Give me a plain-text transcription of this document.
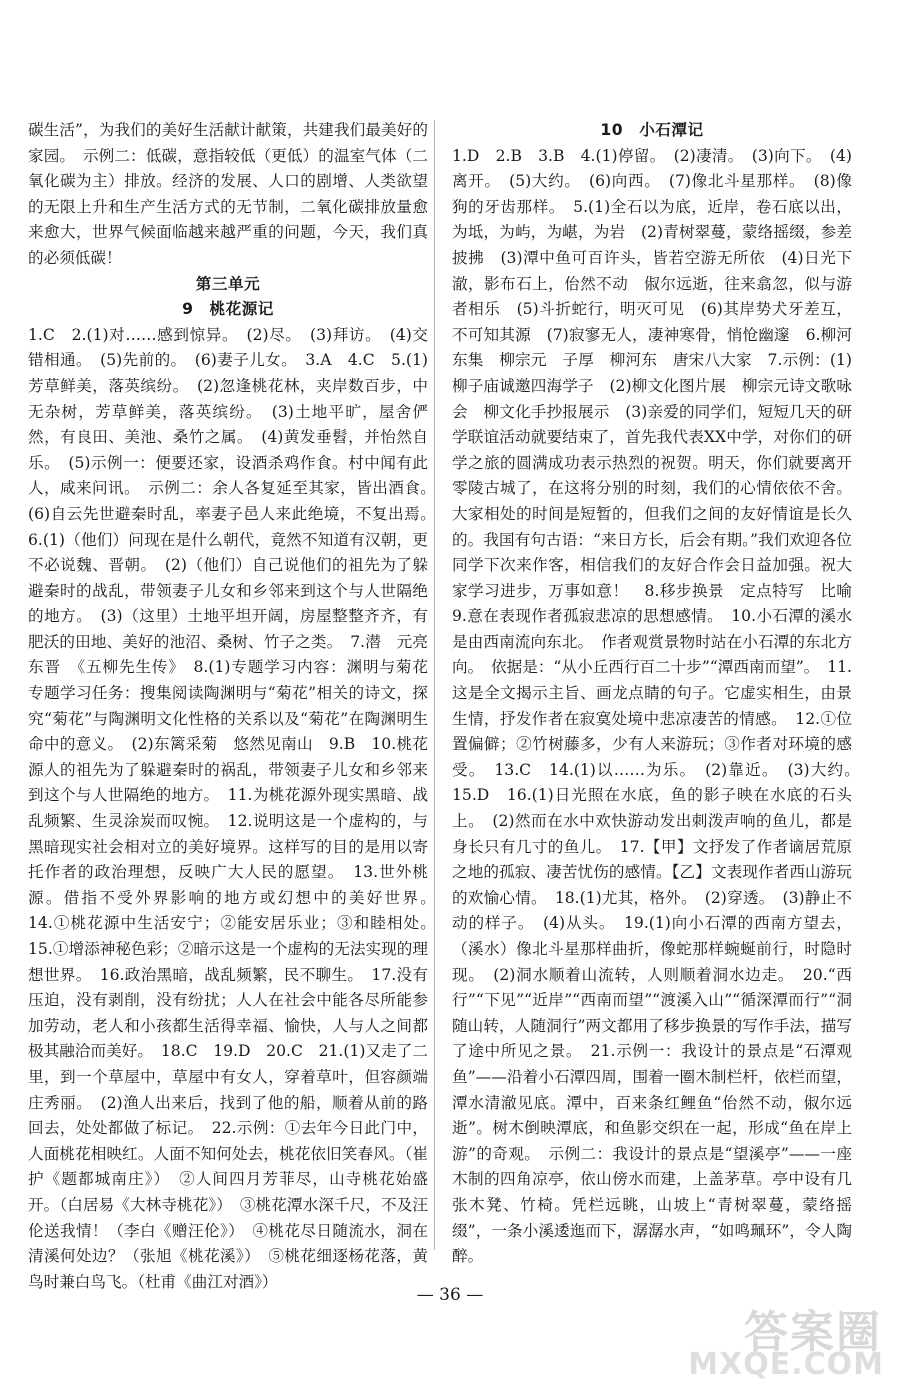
碳生活”，为我们的美好生活献计献策，共建我们最美好的家园。　示例二：低碳，意指较低（更低）的温室气体（二氧化碳为主）排放。经济的发展、人口的剧增、人类欲望的无限上升和生产生活方式的无节制，二氧化碳排放量愈来愈大，世界气候面临越来越严重的问题，今天，我们真的必须低碳！

第三单元
9　桃花源记

1.C　2.(1)对……感到惊异。　(2)尽。　(3)拜访。　(4)交错相通。　(5)先前的。　(6)妻子儿女。　3.A　4.C　5.(1)芳草鲜美，落英缤纷。　(2)忽逢桃花林，夹岸数百步，中无杂树，芳草鲜美，落英缤纷。　(3)土地平旷，屋舍俨然，有良田、美池、桑竹之属。　(4)黄发垂髫，并怡然自乐。　(5)示例一：便要还家，设酒杀鸡作食。村中闻有此人，咸来问讯。　示例二：余人各复延至其家，皆出酒食。　(6)自云先世避秦时乱，率妻子邑人来此绝境，不复出焉。　6.(1)（他们）问现在是什么朝代，竟然不知道有汉朝，更不必说魏、晋朝。　(2)（他们）自己说他们的祖先为了躲避秦时的战乱，带领妻子儿女和乡邻来到这个与人世隔绝的地方。　(3)（这里）土地平坦开阔，房屋整整齐齐，有肥沃的田地、美好的池沼、桑树、竹子之类。　7.潜　元亮　东晋　《五柳先生传》　8.(1)专题学习内容：渊明与菊花　专题学习任务：搜集阅读陶渊明与“菊花”相关的诗文，探究“菊花”与陶渊明文化性格的关系以及“菊花”在陶渊明生命中的意义。　(2)东篱采菊　悠然见南山　9.B　10.桃花源人的祖先为了躲避秦时的祸乱，带领妻子儿女和乡邻来到这个与人世隔绝的地方。　11.为桃花源外现实黑暗、战乱频繁、生灵涂炭而叹惋。　12.说明这是一个虚构的，与黑暗现实社会相对立的美好境界。这样写的目的是用以寄托作者的政治理想，反映广大人民的愿望。　13.世外桃源。借指不受外界影响的地方或幻想中的美好世界。　14.①桃花源中生活安宁；②能安居乐业；③和睦相处。　15.①增添神秘色彩；②暗示这是一个虚构的无法实现的理想世界。　16.政治黑暗，战乱频繁，民不聊生。　17.没有压迫，没有剥削，没有纷扰；人人在社会中能各尽所能参加劳动，老人和小孩都生活得幸福、愉快，人与人之间都极其融洽而美好。　18.C　19.D　20.C　21.(1)又走了二里，到一个草屋中，草屋中有女人，穿着草叶，但容颜端庄秀丽。　(2)渔人出来后，找到了他的船，顺着从前的路回去，处处都做了标记。　22.示例：①去年今日此门中，人面桃花相映红。人面不知何处去，桃花依旧笑春风。（崔护《题都城南庄》）　②人间四月芳菲尽，山寺桃花始盛开。（白居易《大林寺桃花》）　③桃花潭水深千尺，不及汪伦送我情！（李白《赠汪伦》）　④桃花尽日随流水，洞在清溪何处边？（张旭《桃花溪》）　⑤桃花细逐杨花落，黄鸟时兼白鸟飞。（杜甫《曲江对酒》）

10　小石潭记

1.D　2.B　3.B　4.(1)停留。　(2)凄清。　(3)向下。　(4)离开。　(5)大约。　(6)向西。　(7)像北斗星那样。　(8)像狗的牙齿那样。　5.(1)全石以为底，近岸，卷石底以出，为坻，为屿，为嵁，为岩　(2)青树翠蔓，蒙络摇缀，参差披拂　(3)潭中鱼可百许头，皆若空游无所依　(4)日光下澈，影布石上，佁然不动　俶尔远逝，往来翕忽，似与游者相乐　(5)斗折蛇行，明灭可见　(6)其岸势犬牙差互，不可知其源　(7)寂寥无人，凄神寒骨，悄怆幽邃　6.柳河东集　柳宗元　子厚　柳河东　唐宋八大家　7.示例：(1)柳子庙诚邀四海学子　(2)柳文化图片展　柳宗元诗文歌咏会　柳文化手抄报展示　(3)亲爱的同学们，短短几天的研学联谊活动就要结束了，首先我代表XX中学，对你们的研学之旅的圆满成功表示热烈的祝贺。明天，你们就要离开零陵古城了，在这将分别的时刻，我们的心情依依不舍。大家相处的时间是短暂的，但我们之间的友好情谊是长久的。我国有句古语：“来日方长，后会有期。”我们欢迎各位同学下次来作客，相信我们的友好合作会日益加强。祝大家学习进步，万事如意！　8.移步换景　定点特写　比喻　9.意在表现作者孤寂悲凉的思想感情。　10.小石潭的溪水是由西南流向东北。　作者观赏景物时站在小石潭的东北方向。　依据是：“从小丘西行百二十步”“潭西南而望”。　11.这是全文揭示主旨、画龙点睛的句子。它虚实相生，由景生情，抒发作者在寂寞处境中悲凉凄苦的情感。　12.①位置偏僻；②竹树藤多，少有人来游玩；③作者对环境的感受。　13.C　14.(1)以……为乐。　(2)靠近。　(3)大约。　15.D　16.(1)日光照在水底，鱼的影子映在水底的石头上。　(2)然而在水中欢快游动发出刺泼声响的鱼儿，都是身长只有几寸的鱼儿。　17.【甲】文抒发了作者谪居荒原之地的孤寂、凄苦忧伤的感情。【乙】文表现作者西山游玩的欢愉心情。　18.(1)尤其，格外。　(2)穿透。　(3)静止不动的样子。　(4)从头。　19.(1)向小石潭的西南方望去，（溪水）像北斗星那样曲折，像蛇那样蜿蜒前行，时隐时现。　(2)洞水顺着山流转，人则顺着洞水边走。　20.“西行”“下见”“近岸”“西南而望”“渡溪入山”“循深潭而行”“洞随山转，人随洞行”两文都用了移步换景的写作手法，描写了途中所见之景。　21.示例一：我设计的景点是“石潭观鱼”——沿着小石潭四周，围着一圈木制栏杆，依栏而望，潭水清澈见底。潭中，百来条红鲤鱼“佁然不动，俶尔远逝”。树木倒映潭底，和鱼影交织在一起，形成“鱼在岸上游”的奇观。　示例二：我设计的景点是“望溪亭”——一座木制的四角凉亭，依山傍水而建，上盖茅草。亭中设有几张木凳、竹椅。凭栏远眺，山坡上“青树翠蔓，蒙络摇缀”，一条小溪逶迤而下，潺潺水声，“如鸣珮环”，令人陶醉。

— 36 —
答案圈
MXQE.COM
